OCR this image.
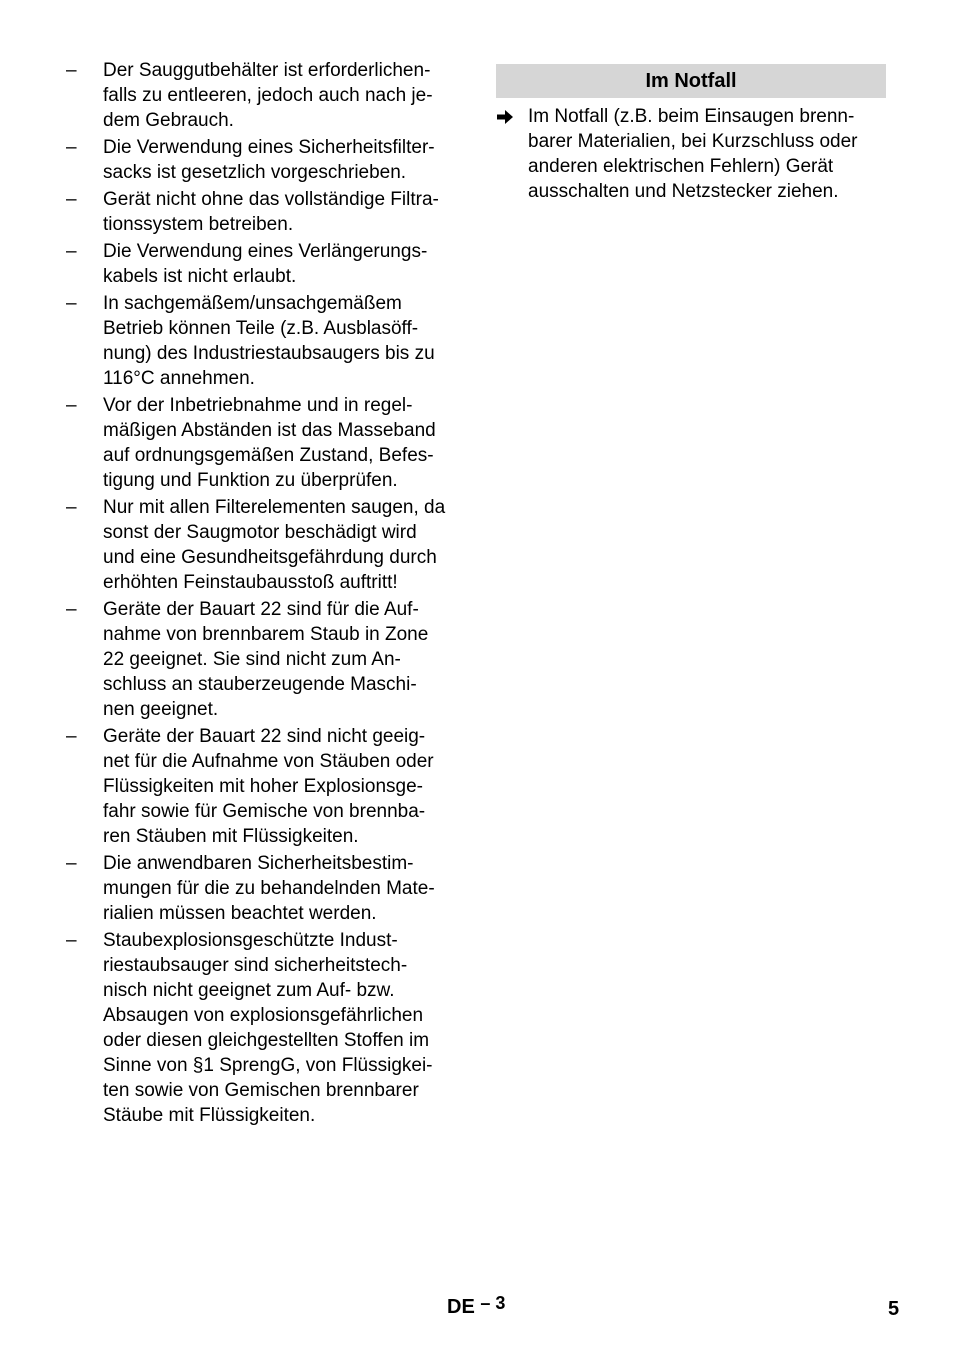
–	Der Sauggutbehälter ist erforderlichen-
falls zu entleeren, jedoch auch nach je-
dem Gebrauch.
–	Die Verwendung eines Sicherheitsfilter-
sacks ist gesetzlich vorgeschrieben.
–	Gerät nicht ohne das vollständige Filtra-
tionssystem betreiben.
–	Die Verwendung eines Verlängerungs-
kabels ist nicht erlaubt.
–	In sachgemäßem/unsachgemäßem
Betrieb können Teile (z.B. Ausblasöff-
nung) des Industriestaubsaugers bis zu
116°C annehmen.
–	Vor der Inbetriebnahme und in regel-
mäßigen Abständen ist das Masseband
auf ordnungsgemäßen Zustand, Befes-
tigung und Funktion zu überprüfen.
–	Nur mit allen Filterelementen saugen, da
sonst der Saugmotor beschädigt wird
und eine Gesundheitsgefährdung durch
erhöhten Feinstaubausstoß auftritt!
–	Geräte der Bauart 22 sind für die Auf-
nahme von brennbarem Staub in Zone
22 geeignet. Sie sind nicht zum An-
schluss an stauberzeugende Maschi-
nen geeignet.
–	Geräte der Bauart 22 sind nicht geeig-
net für die Aufnahme von Stäuben oder
Flüssigkeiten mit hoher Explosionsge-
fahr sowie für Gemische von brennba-
ren Stäuben mit Flüssigkeiten.
–	Die anwendbaren Sicherheitsbestim-
mungen für die zu behandelnden Mate-
rialien müssen beachtet werden.
–	Staubexplosionsgeschützte Indust-
riestaubsauger sind sicherheitstech-
nisch nicht geeignet zum Auf- bzw.
Absaugen von explosionsgefährlichen
oder diesen gleichgestellten Stoffen im
Sinne von §1 SprengG, von Flüssigkei-
ten sowie von Gemischen brennbarer
Stäube mit Flüssigkeiten.
Im Notfall
Im Notfall (z.B. beim Einsaugen brenn-
barer Materialien, bei Kurzschluss oder
anderen elektrischen Fehlern) Gerät
ausschalten und Netzstecker ziehen.
DE – 3	5
